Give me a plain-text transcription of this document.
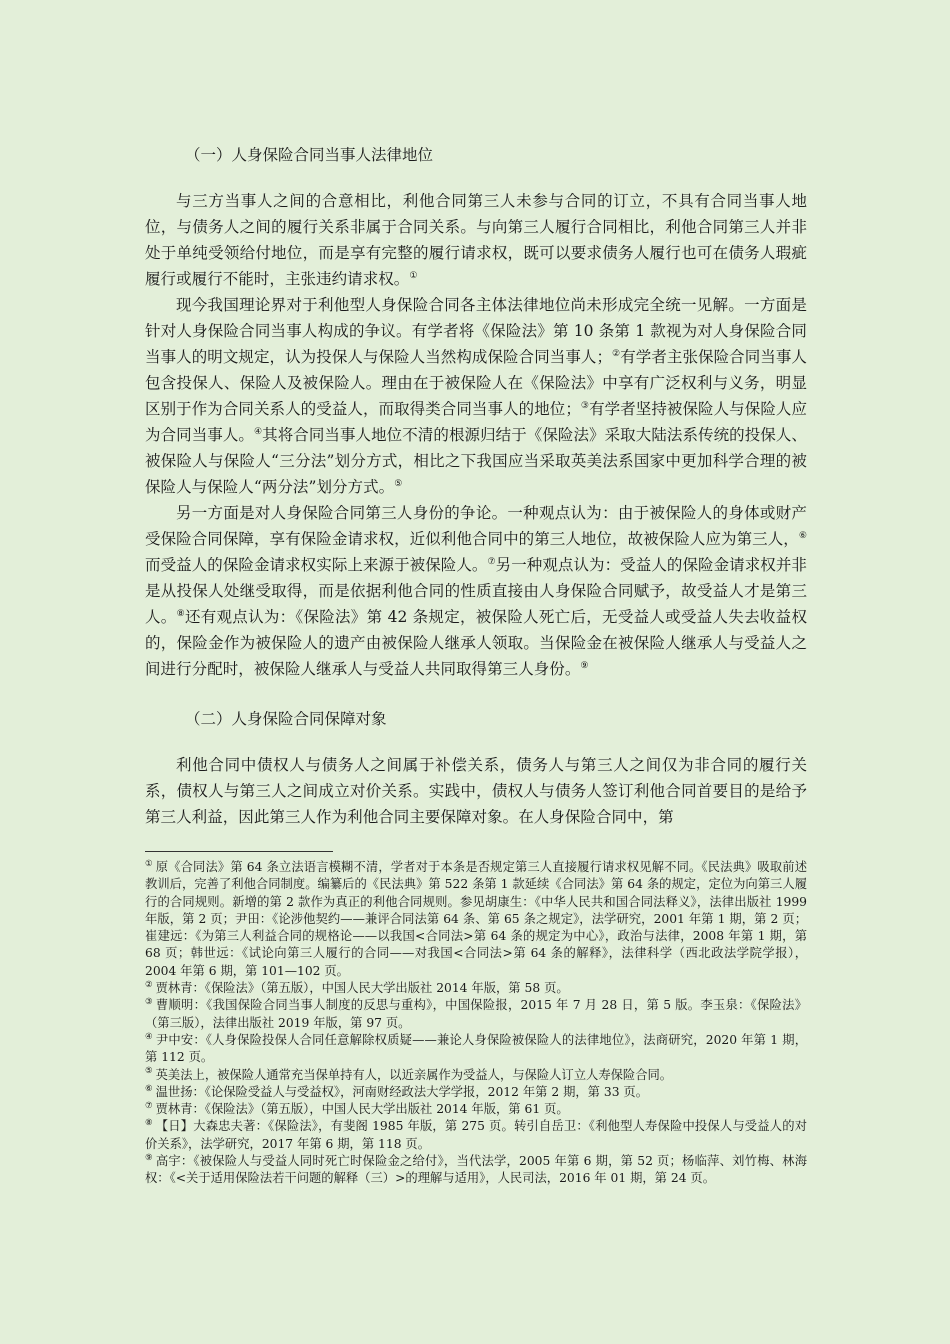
（一）人身保险合同当事人法律地位

与三方当事人之间的合意相比，利他合同第三人未参与合同的订立，不具有合同当事人地位，与债务人之间的履行关系非属于合同关系。与向第三人履行合同相比，利他合同第三人并非处于单纯受领给付地位，而是享有完整的履行请求权，既可以要求债务人履行也可在债务人瑕疵履行或履行不能时，主张违约请求权。①

现今我国理论界对于利他型人身保险合同各主体法律地位尚未形成完全统一见解。一方面是针对人身保险合同当事人构成的争议。有学者将《保险法》第 10 条第 1 款视为对人身保险合同当事人的明文规定，认为投保人与保险人当然构成保险合同当事人；②有学者主张保险合同当事人包含投保人、保险人及被保险人。理由在于被保险人在《保险法》中享有广泛权利与义务，明显区别于作为合同关系人的受益人，而取得类合同当事人的地位；③有学者坚持被保险人与保险人应为合同当事人。④其将合同当事人地位不清的根源归结于《保险法》采取大陆法系传统的投保人、被保险人与保险人“三分法”划分方式，相比之下我国应当采取英美法系国家中更加科学合理的被保险人与保险人“两分法”划分方式。⑤

另一方面是对人身保险合同第三人身份的争论。一种观点认为：由于被保险人的身体或财产受保险合同保障，享有保险金请求权，近似利他合同中的第三人地位，故被保险人应为第三人，⑥而受益人的保险金请求权实际上来源于被保险人。⑦另一种观点认为：受益人的保险金请求权并非是从投保人处继受取得，而是依据利他合同的性质直接由人身保险合同赋予，故受益人才是第三人。⑧还有观点认为：《保险法》第 42 条规定，被保险人死亡后，无受益人或受益人失去收益权的，保险金作为被保险人的遗产由被保险人继承人领取。当保险金在被保险人继承人与受益人之间进行分配时，被保险人继承人与受益人共同取得第三人身份。⑨

（二）人身保险合同保障对象

利他合同中债权人与债务人之间属于补偿关系，债务人与第三人之间仅为非合同的履行关系，债权人与第三人之间成立对价关系。实践中，债权人与债务人签订利他合同首要目的是给予第三人利益，因此第三人作为利他合同主要保障对象。在人身保险合同中，第

① 原《合同法》第 64 条立法语言模糊不清，学者对于本条是否规定第三人直接履行请求权见解不同。《民法典》吸取前述教训后，完善了利他合同制度。编纂后的《民法典》第 522 条第 1 款延续《合同法》第 64 条的规定，定位为向第三人履行的合同规则。新增的第 2 款作为真正的利他合同规则。参见胡康生：《中华人民共和国合同法释义》，法律出版社 1999 年版，第 2 页；尹田：《论涉他契约——兼评合同法第 64 条、第 65 条之规定》，法学研究，2001 年第 1 期，第 2 页；崔建远：《为第三人利益合同的规格论——以我国<合同法>第 64 条的规定为中心》，政治与法律，2008 年第 1 期，第 68 页；韩世远：《试论向第三人履行的合同——对我国<合同法>第 64 条的解释》，法律科学（西北政法学院学报），2004 年第 6 期，第 101—102 页。

② 贾林青：《保险法》（第五版），中国人民大学出版社 2014 年版，第 58 页。

③ 曹顺明：《我国保险合同当事人制度的反思与重构》，中国保险报，2015 年 7 月 28 日，第 5 版。李玉泉：《保险法》（第三版），法律出版社 2019 年版，第 97 页。

④ 尹中安：《人身保险投保人合同任意解除权质疑——兼论人身保险被保险人的法律地位》，法商研究，2020 年第 1 期，第 112 页。

⑤ 英美法上，被保险人通常充当保单持有人，以近亲属作为受益人，与保险人订立人寿保险合同。

⑥ 温世扬：《论保险受益人与受益权》，河南财经政法大学学报，2012 年第 2 期，第 33 页。

⑦ 贾林青：《保险法》（第五版），中国人民大学出版社 2014 年版，第 61 页。

⑧ 【日】大森忠夫著：《保险法》，有斐阁 1985 年版，第 275 页。转引自岳卫：《利他型人寿保险中投保人与受益人的对价关系》，法学研究，2017 年第 6 期，第 118 页。

⑨ 高宇：《被保险人与受益人同时死亡时保险金之给付》，当代法学，2005 年第 6 期，第 52 页；杨临萍、刘竹梅、林海权：《<关于适用保险法若干问题的解释（三）>的理解与适用》，人民司法，2016 年 01 期，第 24 页。
